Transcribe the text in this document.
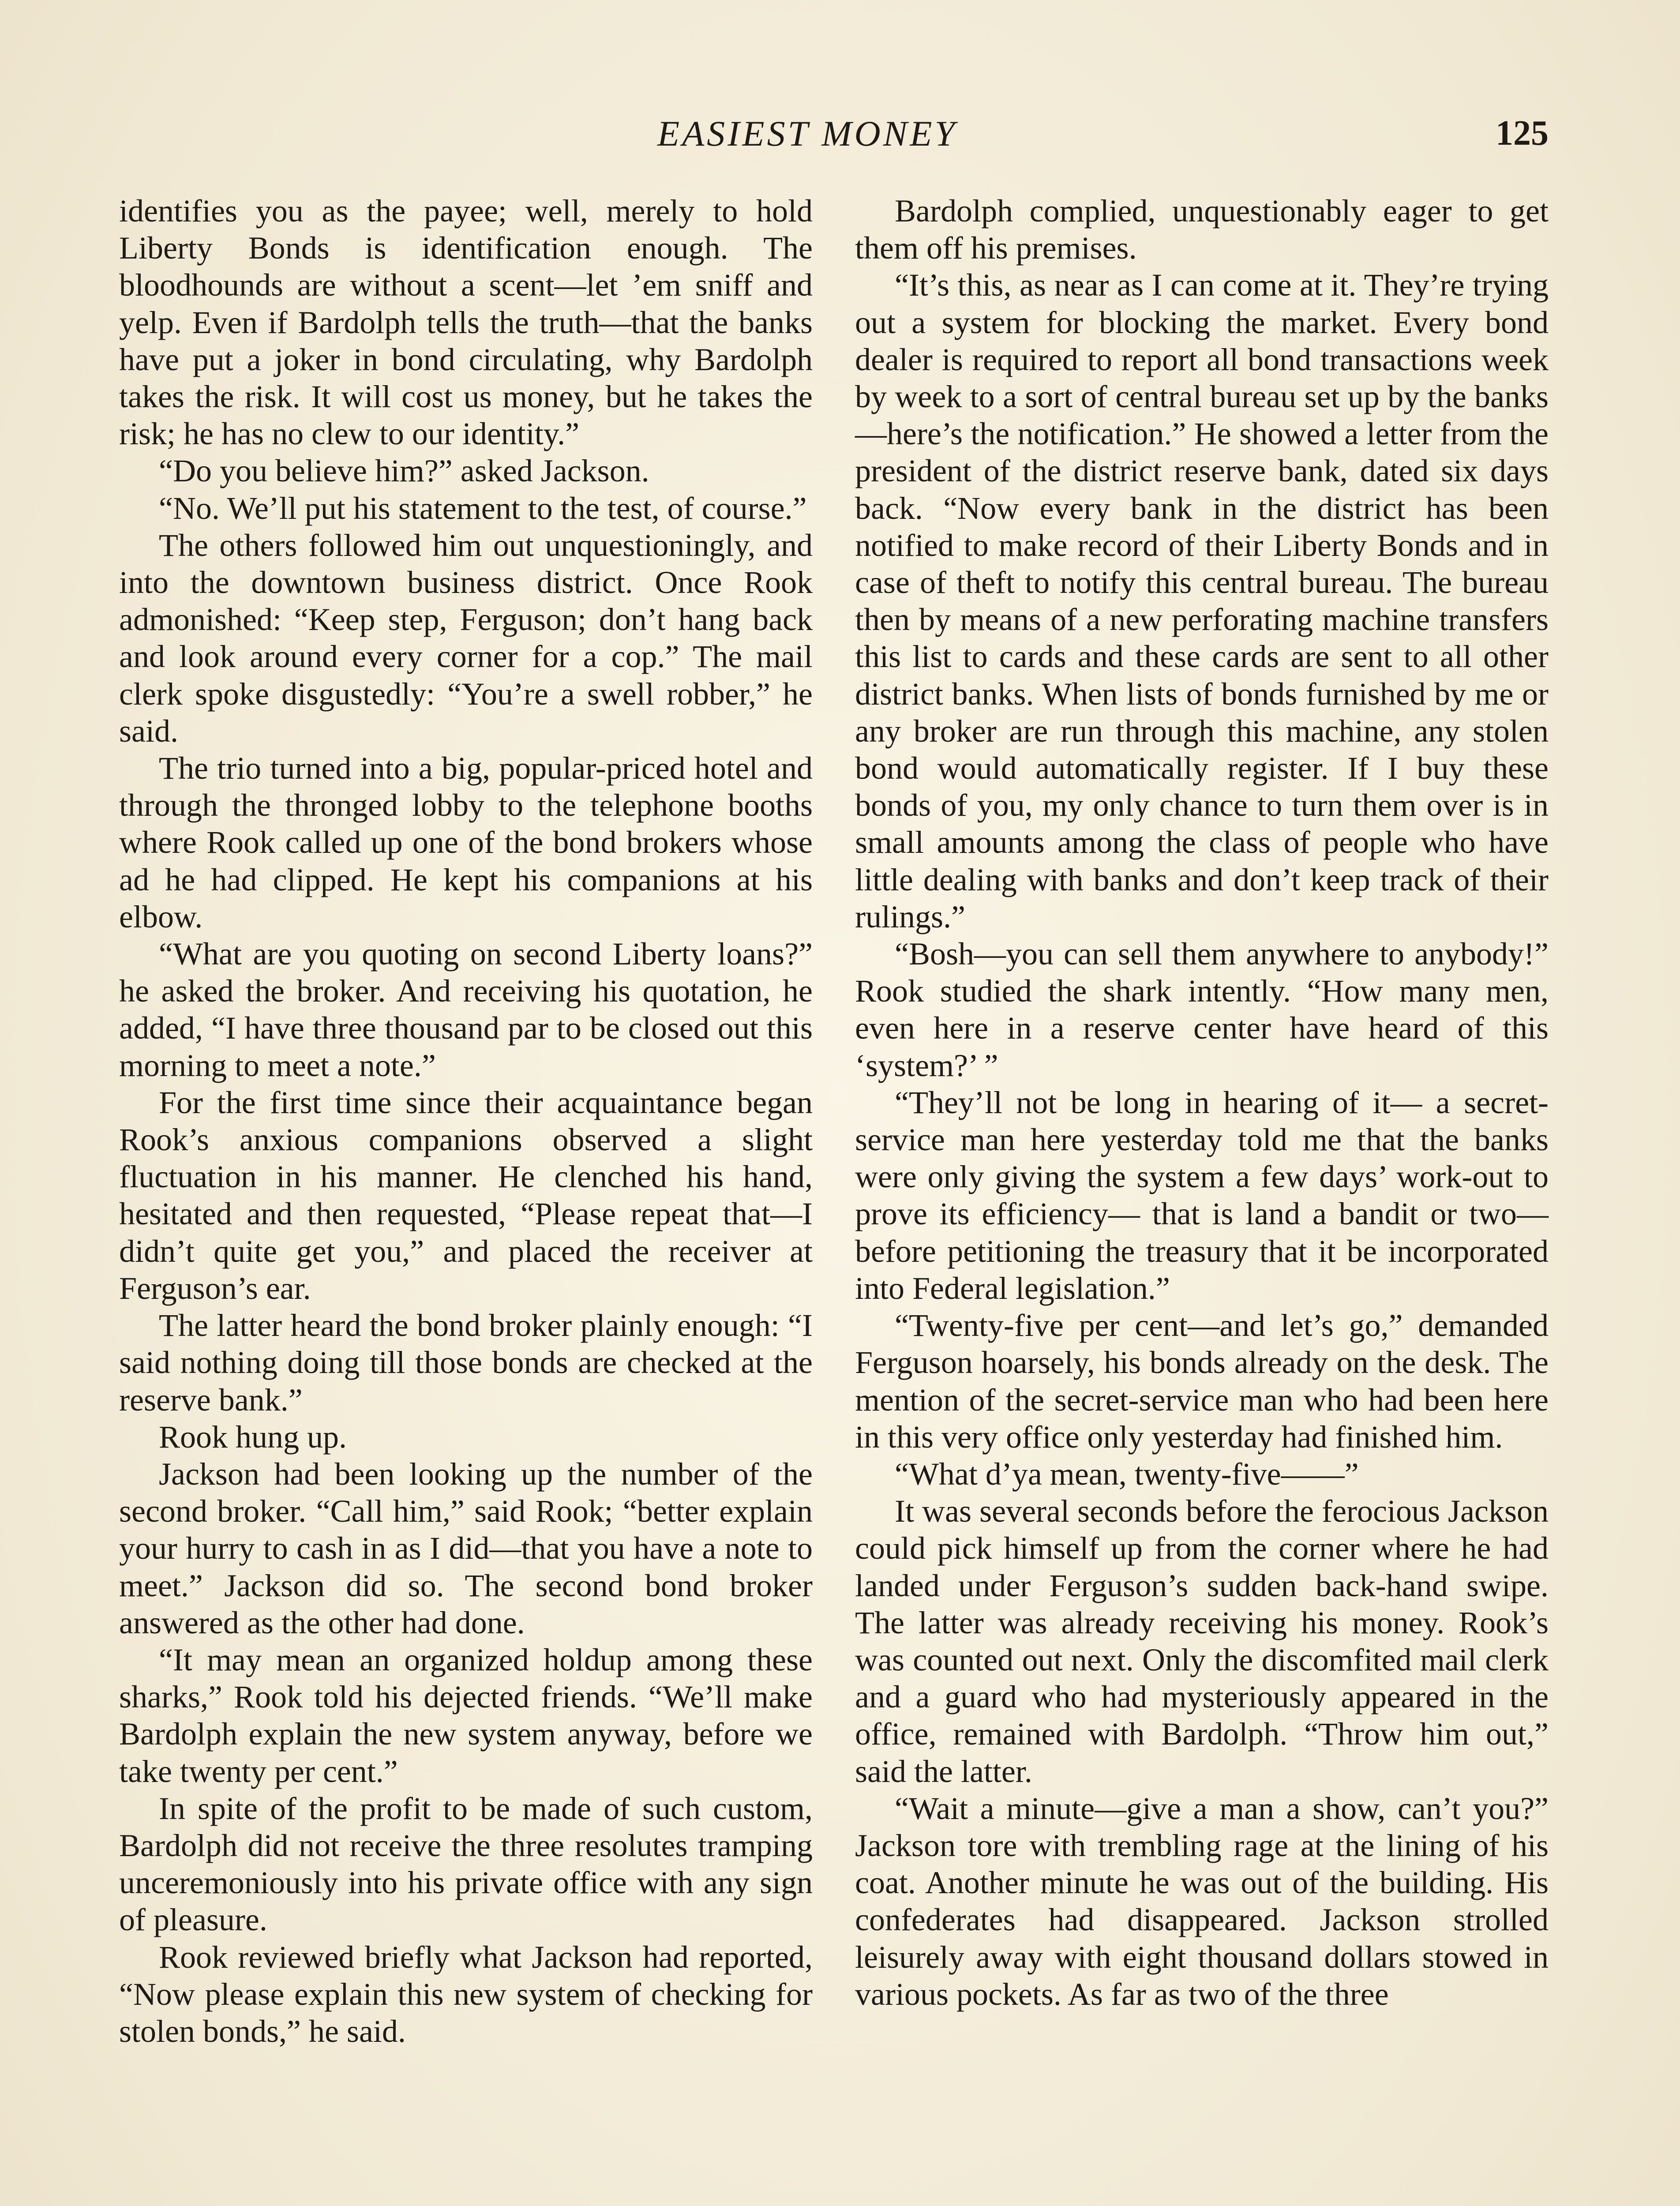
EASIEST MONEY	125

identifies you as the payee; well, merely to hold Liberty Bonds is identification enough. The bloodhounds are without a scent—let ’em sniff and yelp. Even if Bardolph tells the truth—that the banks have put a joker in bond circulating, why Bardolph takes the risk. It will cost us money, but he takes the risk; he has no clew to our identity.”

“Do you believe him?” asked Jackson.

“No. We’ll put his statement to the test, of course.”

The others followed him out unquestioningly, and into the downtown business district. Once Rook admonished: “Keep step, Ferguson; don’t hang back and look around every corner for a cop.” The mail clerk spoke disgustedly: “You’re a swell robber,” he said.

The trio turned into a big, popular-priced hotel and through the thronged lobby to the telephone booths where Rook called up one of the bond brokers whose ad he had clipped. He kept his companions at his elbow.

“What are you quoting on second Liberty loans?” he asked the broker. And receiving his quotation, he added, “I have three thousand par to be closed out this morning to meet a note.”

For the first time since their acquaintance began Rook’s anxious companions observed a slight fluctuation in his manner. He clenched his hand, hesitated and then requested, “Please repeat that—I didn’t quite get you,” and placed the receiver at Ferguson’s ear.

The latter heard the bond broker plainly enough: “I said nothing doing till those bonds are checked at the reserve bank.”

Rook hung up.

Jackson had been looking up the number of the second broker. “Call him,” said Rook; “better explain your hurry to cash in as I did—that you have a note to meet.” Jackson did so. The second bond broker answered as the other had done.

“It may mean an organized holdup among these sharks,” Rook told his dejected friends. “We’ll make Bardolph explain the new system anyway, before we take twenty per cent.”

In spite of the profit to be made of such custom, Bardolph did not receive the three resolutes tramping unceremoniously into his private office with any sign of pleasure.

Rook reviewed briefly what Jackson had reported, “Now please explain this new system of checking for stolen bonds,” he said.

Bardolph complied, unquestionably eager to get them off his premises.

“It’s this, as near as I can come at it. They’re trying out a system for blocking the market. Every bond dealer is required to report all bond transactions week by week to a sort of central bureau set up by the banks—here’s the notification.” He showed a letter from the president of the district reserve bank, dated six days back. “Now every bank in the district has been notified to make record of their Liberty Bonds and in case of theft to notify this central bureau. The bureau then by means of a new perforating machine transfers this list to cards and these cards are sent to all other district banks. When lists of bonds furnished by me or any broker are run through this machine, any stolen bond would automatically register. If I buy these bonds of you, my only chance to turn them over is in small amounts among the class of people who have little dealing with banks and don’t keep track of their rulings.”

“Bosh—you can sell them anywhere to anybody!” Rook studied the shark intently. “How many men, even here in a reserve center have heard of this ‘system?’ ”

“They’ll not be long in hearing of it— a secret-service man here yesterday told me that the banks were only giving the system a few days’ work-out to prove its efficiency— that is land a bandit or two—before petitioning the treasury that it be incorporated into Federal legislation.”

“Twenty-five per cent—and let’s go,” demanded Ferguson hoarsely, his bonds already on the desk. The mention of the secret-service man who had been here in this very office only yesterday had finished him.

“What d’ya mean, twenty-five——”

It was several seconds before the ferocious Jackson could pick himself up from the corner where he had landed under Ferguson’s sudden back-hand swipe. The latter was already receiving his money. Rook’s was counted out next. Only the discomfited mail clerk and a guard who had mysteriously appeared in the office, remained with Bardolph. “Throw him out,” said the latter.

“Wait a minute—give a man a show, can’t you?” Jackson tore with trembling rage at the lining of his coat. Another minute he was out of the building. His confederates had disappeared. Jackson strolled leisurely away with eight thousand dollars stowed in various pockets. As far as two of the three
